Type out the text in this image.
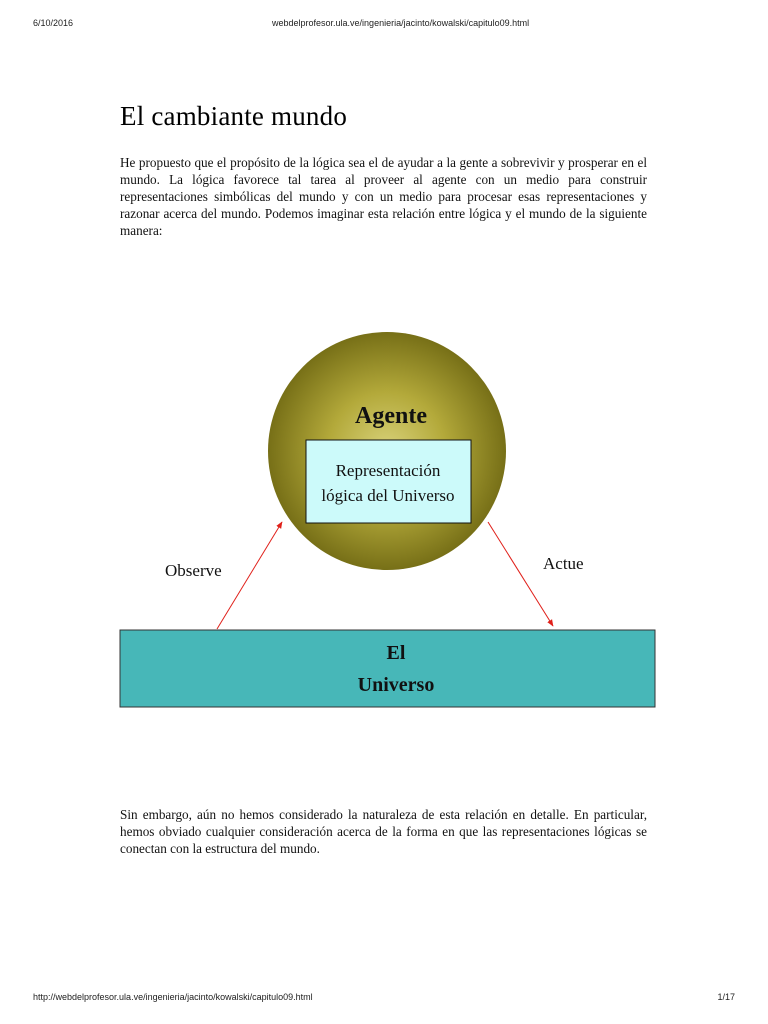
6/10/2016	webdelprofesor.ula.ve/ingenieria/jacinto/kowalski/capitulo09.html
El cambiante mundo

He propuesto que el propósito de la lógica sea el de ayudar a la gente a sobrevivir y prosperar en el mundo. La lógica favorece tal tarea al proveer al agente con un medio para construir representaciones simbólicas del mundo y con un medio para procesar esas representaciones y razonar acerca del mundo. Podemos imaginar esta relación entre lógica y el mundo de la siguiente manera:

Agente
Representación
lógica del Universo
Observe	Actue
El
Universo

Sin embargo, aún no hemos considerado la naturaleza de esta relación en detalle. En particular, hemos obviado cualquier consideración acerca de la forma en que las representaciones lógicas se conectan con la estructura del mundo.

http://webdelprofesor.ula.ve/ingenieria/jacinto/kowalski/capitulo09.html	1/17
